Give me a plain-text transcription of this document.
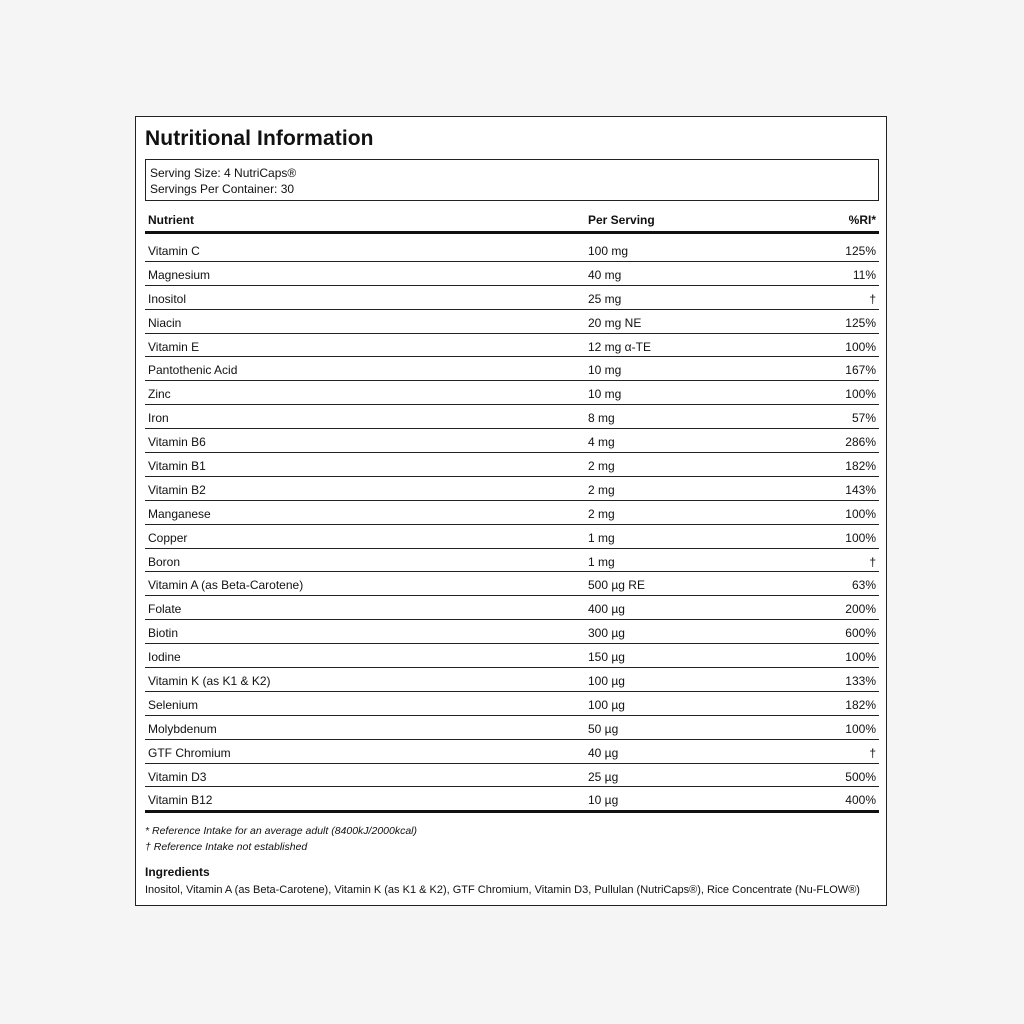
Nutritional Information
Serving Size: 4 NutriCaps®
Servings Per Container: 30
Nutrient	Per Serving	%RI*
Vitamin C	100 mg	125%
Magnesium	40 mg	11%
Inositol	25 mg	†
Niacin	20 mg NE	125%
Vitamin E	12 mg α-TE	100%
Pantothenic Acid	10 mg	167%
Zinc	10 mg	100%
Iron	8 mg	57%
Vitamin B6	4 mg	286%
Vitamin B1	2 mg	182%
Vitamin B2	2 mg	143%
Manganese	2 mg	100%
Copper	1 mg	100%
Boron	1 mg	†
Vitamin A (as Beta-Carotene)	500 µg RE	63%
Folate	400 µg	200%
Biotin	300 µg	600%
Iodine	150 µg	100%
Vitamin K (as K1 & K2)	100 µg	133%
Selenium	100 µg	182%
Molybdenum	50 µg	100%
GTF Chromium	40 µg	†
Vitamin D3	25 µg	500%
Vitamin B12	10 µg	400%
* Reference Intake for an average adult (8400kJ/2000kcal)
† Reference Intake not established
Ingredients
Inositol, Vitamin A (as Beta-Carotene), Vitamin K (as K1 & K2), GTF Chromium, Vitamin D3, Pullulan (NutriCaps®), Rice Concentrate (Nu-FLOW®)
